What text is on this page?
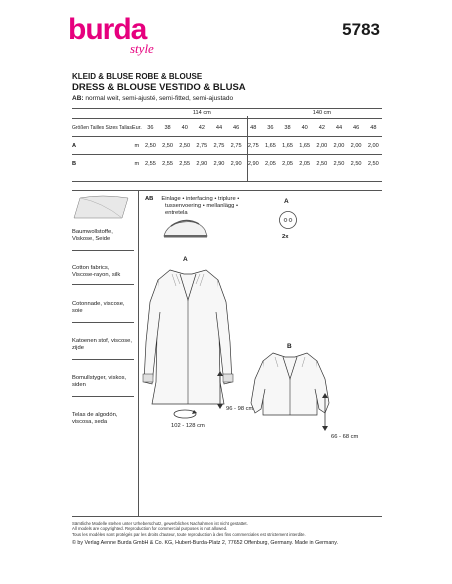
burda
style
5783
KLEID & BLUSE ROBE & BLOUSE
DRESS & BLOUSE VESTIDO & BLUSA
AB: normal weit, semi-ajusté, semi-fitted, semi-ajustado
		114 cm							140 cm						
Größen Tailles Sizes Tallas	Eur.	36	38	40	42	44	46	48	36	38	40	42	44	46	48
A	m	2,50	2,50	2,50	2,75	2,75	2,75	2,75	1,65	1,65	1,65	2,00	2,00	2,00	2,00
B	m	2,55	2,55	2,55	2,90	2,90	2,90	2,90	2,05	2,05	2,05	2,50	2,50	2,50	2,50
Baumwollstoffe, Viskose, Seide
Cotton fabrics, Viscose-rayon, silk
Cotonnade, viscose, soie
Katoenen stof, viscose, zijde
Bomullstyger, viskos, siden
Telas de algodón, viscosa, seda
AB Einlage • interfacing • triplure •
tussenvoering • mellanlägg •
entretela
A
2x
A
96 - 98 cm
102 - 128 cm
B
66 - 68 cm
Sämtliche Modelle stehen unter Urheberschutz, gewerbliches Nachahmen ist nicht gestattet.
All models are copyrighted. Reproduction for commercial purposes is not allowed.
Tous les modèles sont protégés par les droits d'auteur, toute reproduction à des fins commerciales est strictement interdite.
© by Verlag Aenne Burda GmbH & Co. KG, Hubert-Burda-Platz 2, 77652 Offenburg, Germany. Made in Germany.
